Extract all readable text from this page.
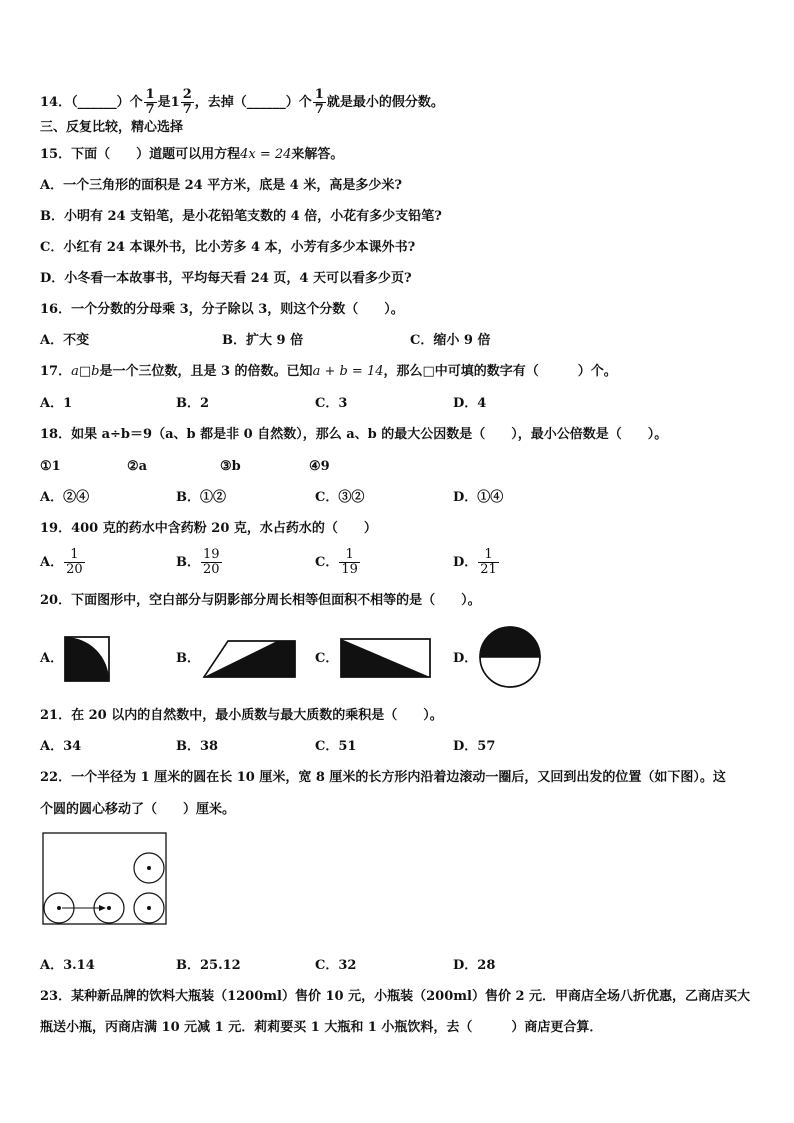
14．（______）个 $\frac{1}{7}$ 是$1 \frac{2}{7}$ ，去掉（______）个 $\frac{1}{7}$ 就是最小的假分数。
三、反复比较，精心选择
15．下面（　　）道题可以用方程4x = 24来解答。
A．一个三角形的面积是 24 平方米，底是 4 米，高是多少米?
B．小明有 24 支铅笔，是小花铅笔支数的 4 倍，小花有多少支铅笔?
C．小红有 24 本课外书，比小芳多 4 本，小芳有多少本课外书?
D．小冬看一本故事书，平均每天看 24 页，4 天可以看多少页?
16．一个分数的分母乘 3，分子除以 3，则这个分数（　　）。
A．不变	B．扩大 9 倍	C．缩小 9 倍
17．a□b是一个三位数，且是 3 的倍数。已知a + b = 14，那么□中可填的数字有（　　　）个。
A．1	B．2	C．3	D．4
18．如果 a÷b＝9（a、b 都是非 0 自然数），那么 a、b 的最大公因数是（　　），最小公倍数是（　　）。
①1	②a	③b	④9
A．②④	B．①②	C．③②	D．①④
19．400 克的药水中含药粉 20 克，水占药水的（　　）
A． $\frac{1}{20}$	B． $\frac{19}{20}$	C． $\frac{1}{19}$	D． $\frac{1}{21}$
20．下面图形中，空白部分与阴影部分周长相等但面积不相等的是（　　）。
A．	B．	C．	D．
21．在 20 以内的自然数中，最小质数与最大质数的乘积是（　　）。
A．34	B．38	C．51	D．57
22．一个半径为 1 厘米的圆在长 10 厘米，宽 8 厘米的长方形内沿着边滚动一圈后，又回到出发的位置（如下图）。这
个圆的圆心移动了（　　）厘米。
A．3.14	B．25.12	C．32	D．28
23．某种新品牌的饮料大瓶装（1200ml）售价 10 元，小瓶装（200ml）售价 2 元．甲商店全场八折优惠，乙商店买大
瓶送小瓶，丙商店满 10 元减 1 元．莉莉要买 1 大瓶和 1 小瓶饮料，去（　　　）商店更合算．
